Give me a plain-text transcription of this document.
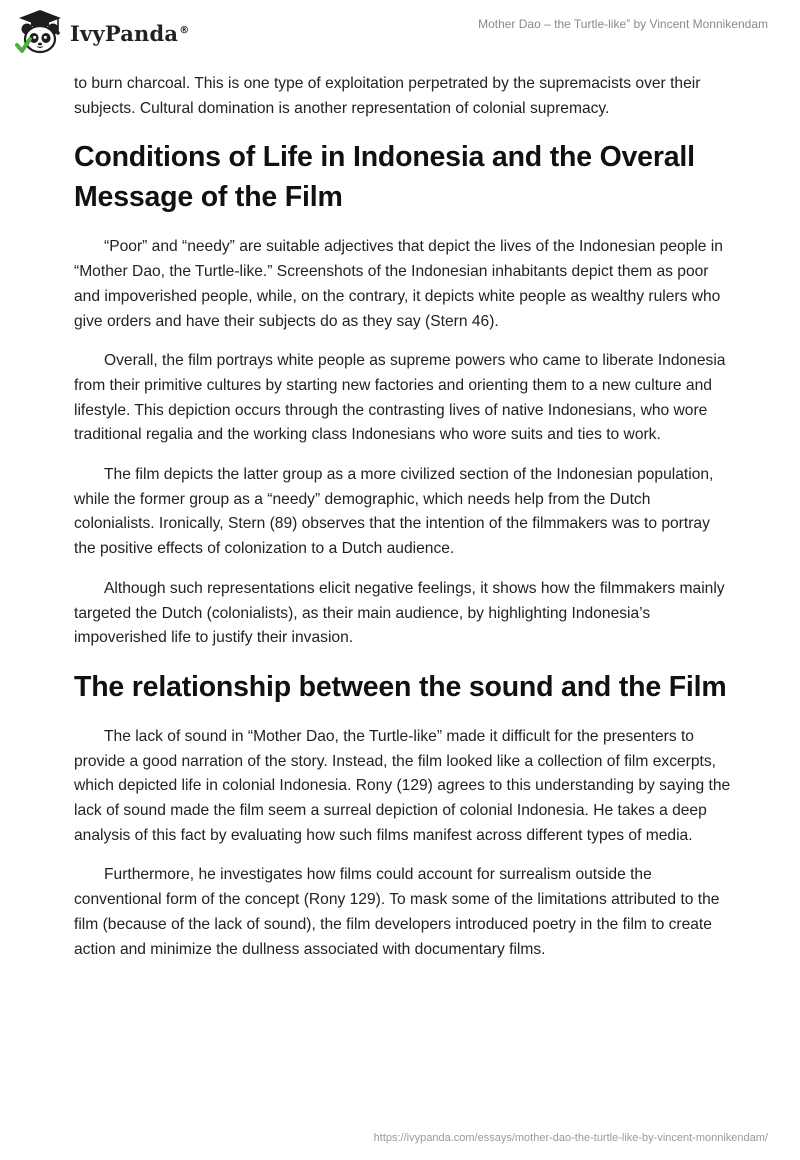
IvyPanda®	Mother Dao – the Turtle-like” by Vincent Monnikendam

to burn charcoal. This is one type of exploitation perpetrated by the supremacists over their subjects. Cultural domination is another representation of colonial supremacy.

Conditions of Life in Indonesia and the Overall Message of the Film

“Poor” and “needy” are suitable adjectives that depict the lives of the Indonesian people in “Mother Dao, the Turtle-like.” Screenshots of the Indonesian inhabitants depict them as poor and impoverished people, while, on the contrary, it depicts white people as wealthy rulers who give orders and have their subjects do as they say (Stern 46).

Overall, the film portrays white people as supreme powers who came to liberate Indonesia from their primitive cultures by starting new factories and orienting them to a new culture and lifestyle. This depiction occurs through the contrasting lives of native Indonesians, who wore traditional regalia and the working class Indonesians who wore suits and ties to work.

The film depicts the latter group as a more civilized section of the Indonesian population, while the former group as a “needy” demographic, which needs help from the Dutch colonialists. Ironically, Stern (89) observes that the intention of the filmmakers was to portray the positive effects of colonization to a Dutch audience.

Although such representations elicit negative feelings, it shows how the filmmakers mainly targeted the Dutch (colonialists), as their main audience, by highlighting Indonesia’s impoverished life to justify their invasion.

The relationship between the sound and the Film

The lack of sound in “Mother Dao, the Turtle-like” made it difficult for the presenters to provide a good narration of the story. Instead, the film looked like a collection of film excerpts, which depicted life in colonial Indonesia. Rony (129) agrees to this understanding by saying the lack of sound made the film seem a surreal depiction of colonial Indonesia. He takes a deep analysis of this fact by evaluating how such films manifest across different types of media.

Furthermore, he investigates how films could account for surrealism outside the conventional form of the concept (Rony 129). To mask some of the limitations attributed to the film (because of the lack of sound), the film developers introduced poetry in the film to create action and minimize the dullness associated with documentary films.

https://ivypanda.com/essays/mother-dao-the-turtle-like-by-vincent-monnikendam/
